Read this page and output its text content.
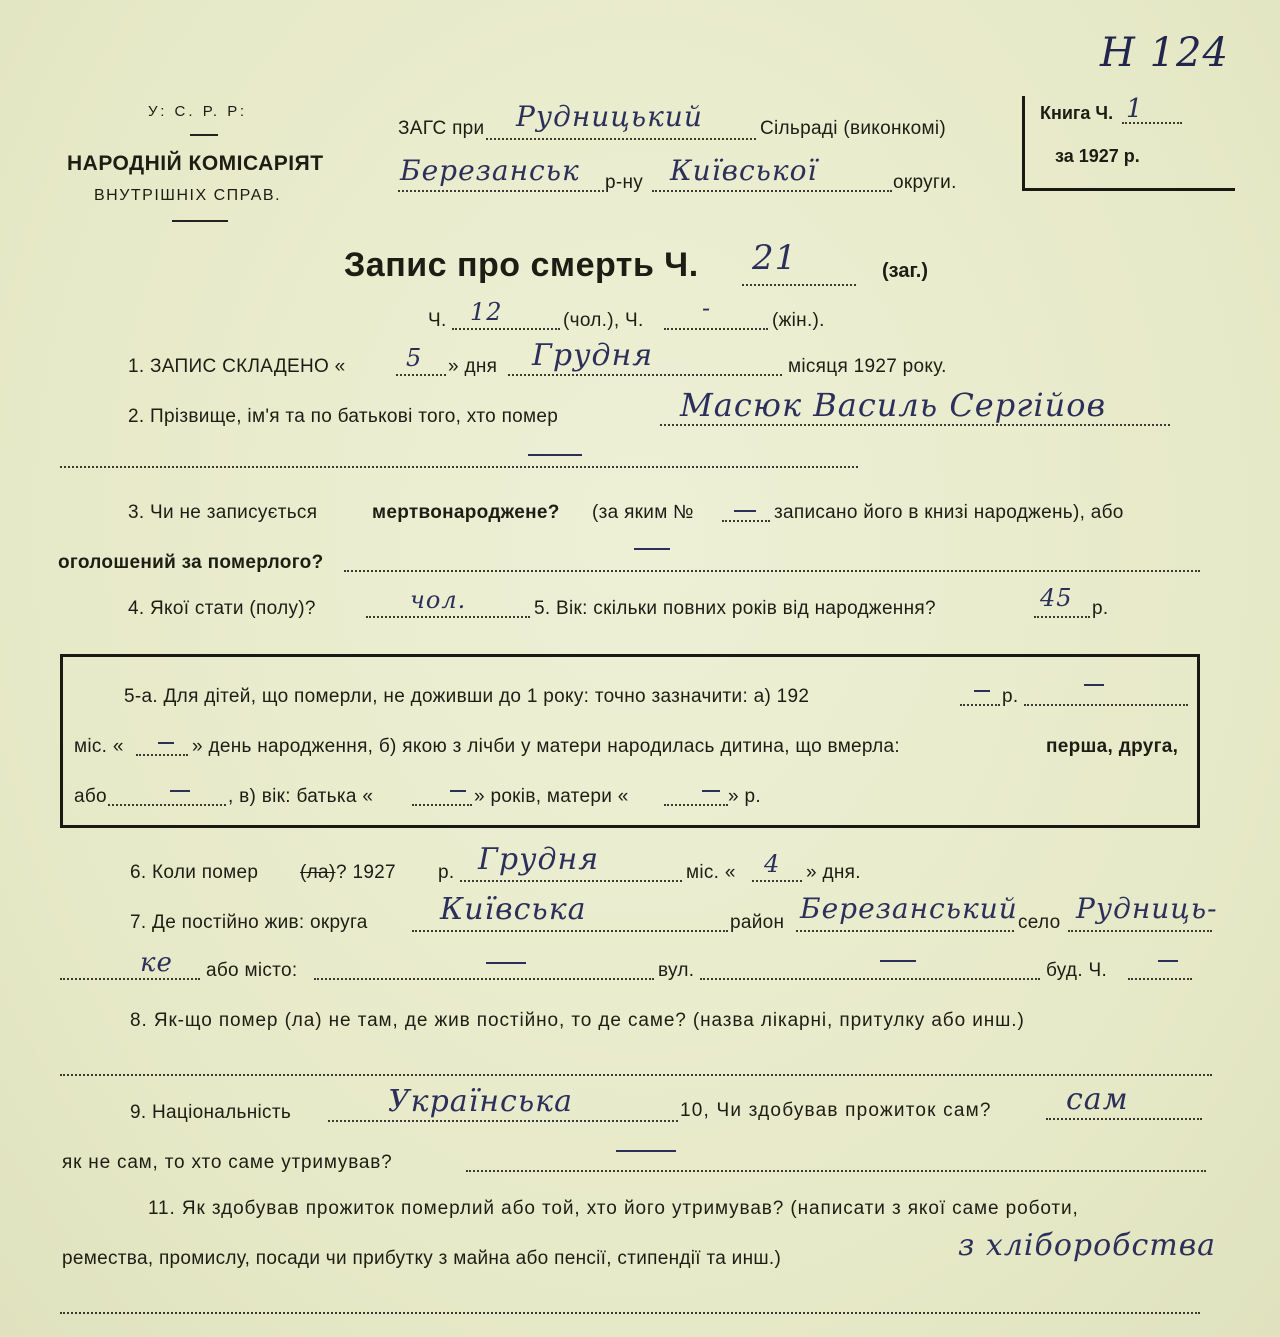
Н 124
У: С. Р. Р:
НАРОДНІЙ КОМІСАРІЯТ
ВНУТРІШНІХ СПРАВ.
ЗАГС при Рудницький	Сільраді (виконкомі)
Березанськ р-ну Київської	округи.
Книга Ч. 1
за 1927 р.
Запис про смерть Ч. 21	(заг.)
Ч. 12	(чол.), Ч. -	(жін.).
1. ЗАПИС СКЛАДЕНО «	5 » дня Грудня	місяця 1927 року.
2. Прізвище, ім'я та по батькові того, хто помер	Масюк Василь Сергійов
3. Чи не записується	мертвонароджене? (за яким №	записано його в книзі народжень), або
оголошений за померлого?
4. Якої стати (полу)?	чол.	5. Вік: скільки повних років від народження?	45 р.
5-а. Для дітей, що померли, не доживши до 1 року: точно зазначити: а) 192	р.
міс. «	» день народження, б) якою з лічби у матери народилась дитина, що вмерла:	перша, друга,
або	, в) вік: батька «	» років, матери «	» р.
6. Коли помер (ла) ? 1927 р. Грудня	міс. « 4 » дня.
7. Де постійно жив: округа Київська	район Березанський село Рудниць-
ке або місто:	вул.	буд. Ч.
8. Як-що помер (ла) не там, де жив постійно, то де саме? (назва лікарні, притулку або инш.)
9. Національність	Українська	10, Чи здобував прожиток сам? сам
як не сам, то хто саме утримував?
11. Як здобував прожиток померлий або той, хто його утримував? (написати з якої саме роботи,
ремества, промислу, посади чи прибутку з майна або пенсії, стипендії та инш.)	з хліборобства
